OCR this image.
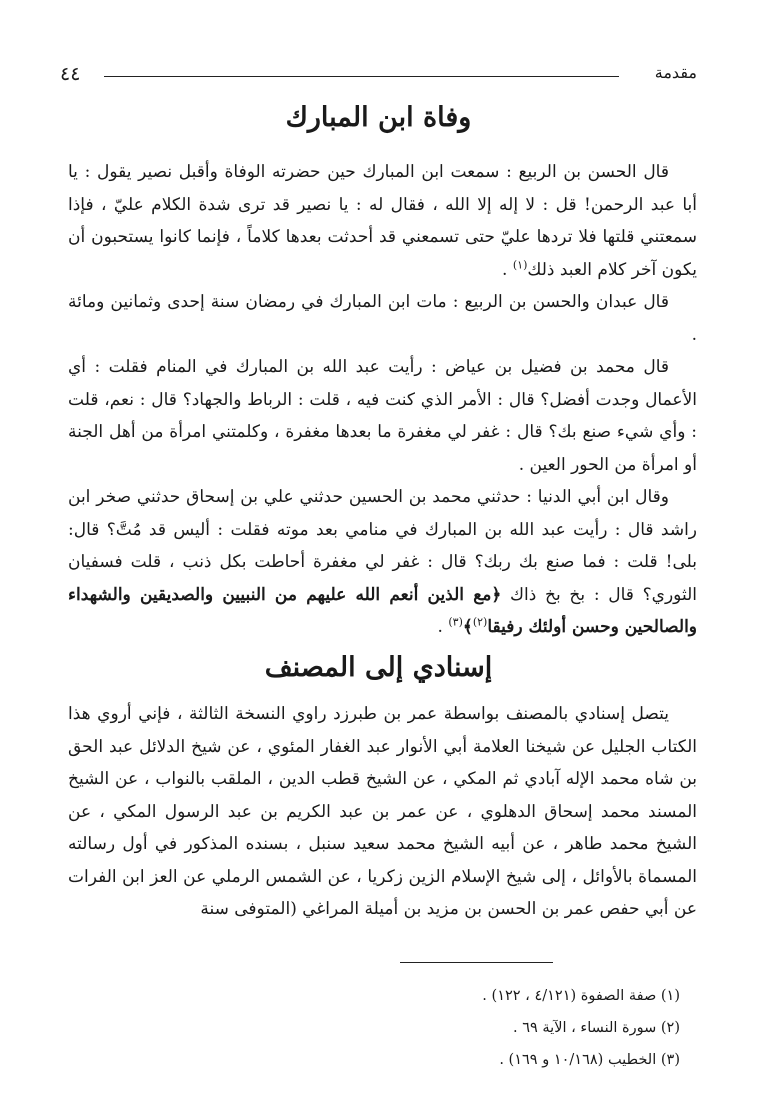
٤٤	مقدمة
وفاة ابن المبارك

قال الحسن بن الربيع : سمعت ابن المبارك حين حضرته الوفاة وأقبل نصير يقول : يا أبا عبد الرحمن! قل : لا إله إلا الله ، فقال له : يا نصير قد ترى شدة الكلام عليّ ، فإذا سمعتني قلتها فلا تردها عليّ حتى تسمعني قد أحدثت بعدها كلاماً ، فإنما كانوا يستحبون أن يكون آخر كلام العبد ذلك$^{(١)}$ .

قال عبدان والحسن بن الربيع : مات ابن المبارك في رمضان سنة إحدى وثمانين ومائة .

قال محمد بن فضيل بن عياض : رأيت عبد الله بن المبارك في المنام فقلت : أي الأعمال وجدت أفضل؟ قال : الأمر الذي كنت فيه ، قلت : الرباط والجهاد؟ قال : نعم، قلت : وأي شيء صنع بك؟ قال : غفر لي مغفرة ما بعدها مغفرة ، وكلمتني امرأة من أهل الجنة أو امرأة من الحور العين .

وقال ابن أبي الدنيا : حدثني محمد بن الحسين حدثني علي بن إسحاق حدثني صخر ابن راشد قال : رأيت عبد الله بن المبارك في منامي بعد موته فقلت : أليس قد مُتَّ؟ قال: بلى! قلت : فما صنع بك ربك؟ قال : غفر لي مغفرة أحاطت بكل ذنب ، قلت فسفيان الثوري؟ قال : بخ بخ ذاك ﴿مع الذين أنعم الله عليهم من النبيين والصديقين والشهداء والصالحين وحسن أولئك رفيقا$^{(٢)}$﴾$^{(٣)}$ .

إسنادي إلى المصنف

يتصل إسنادي بالمصنف بواسطة عمر بن طبرزد راوي النسخة الثالثة ، فإني أروي هذا الكتاب الجليل عن شيخنا العلامة أبي الأنوار عبد الغفار المئوي ، عن شيخ الدلائل عبد الحق بن شاه محمد الإله آبادي ثم المكي ، عن الشيخ قطب الدين ، الملقب بالنواب ، عن الشيخ المسند محمد إسحاق الدهلوي ، عن عمر بن عبد الكريم بن عبد الرسول المكي ، عن الشيخ محمد طاهر ، عن أبيه الشيخ محمد سعيد سنبل ، بسنده المذكور في أول رسالته المسماة بالأوائل ، إلى شيخ الإسلام الزين زكريا ، عن الشمس الرملي عن العز ابن الفرات عن أبي حفص عمر بن الحسن بن مزيد بن أميلة المراغي (المتوفى سنة

(١) صفة الصفوة (٤/١٢١ ، ١٢٢) .
(٢) سورة النساء ، الآية ٦٩ .
(٣) الخطيب (١٠/١٦٨ و ١٦٩) .
